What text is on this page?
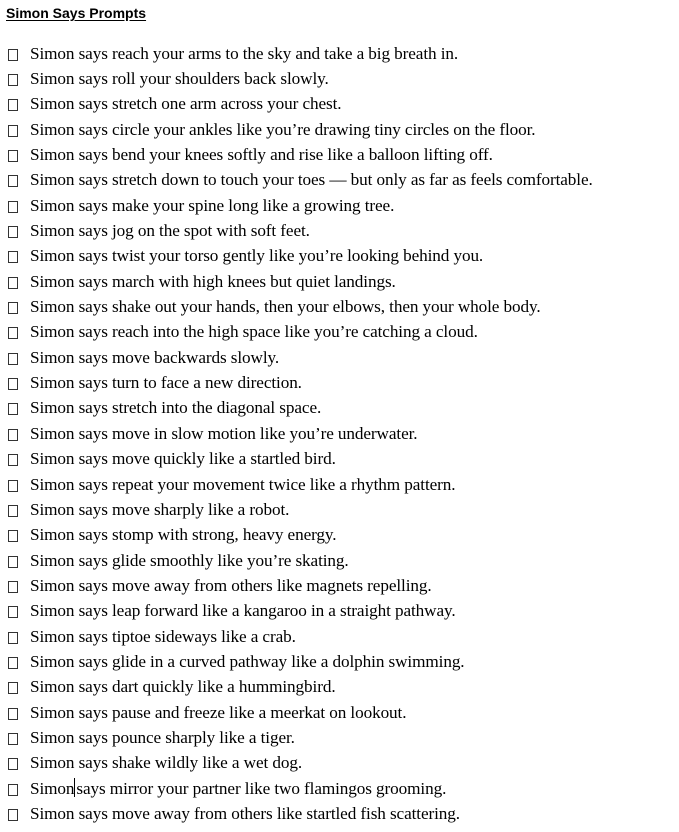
Simon Says Prompts
Simon says reach your arms to the sky and take a big breath in.
Simon says roll your shoulders back slowly.
Simon says stretch one arm across your chest.
Simon says circle your ankles like you’re drawing tiny circles on the floor.
Simon says bend your knees softly and rise like a balloon lifting off.
Simon says stretch down to touch your toes — but only as far as feels comfortable.
Simon says make your spine long like a growing tree.
Simon says jog on the spot with soft feet.
Simon says twist your torso gently like you’re looking behind you.
Simon says march with high knees but quiet landings.
Simon says shake out your hands, then your elbows, then your whole body.
Simon says reach into the high space like you’re catching a cloud.
Simon says move backwards slowly.
Simon says turn to face a new direction.
Simon says stretch into the diagonal space.
Simon says move in slow motion like you’re underwater.
Simon says move quickly like a startled bird.
Simon says repeat your movement twice like a rhythm pattern.
Simon says move sharply like a robot.
Simon says stomp with strong, heavy energy.
Simon says glide smoothly like you’re skating.
Simon says move away from others like magnets repelling.
Simon says leap forward like a kangaroo in a straight pathway.
Simon says tiptoe sideways like a crab.
Simon says glide in a curved pathway like a dolphin swimming.
Simon says dart quickly like a hummingbird.
Simon says pause and freeze like a meerkat on lookout.
Simon says pounce sharply like a tiger.
Simon says shake wildly like a wet dog.
Simon says mirror your partner like two flamingos grooming.
Simon says move away from others like startled fish scattering.
